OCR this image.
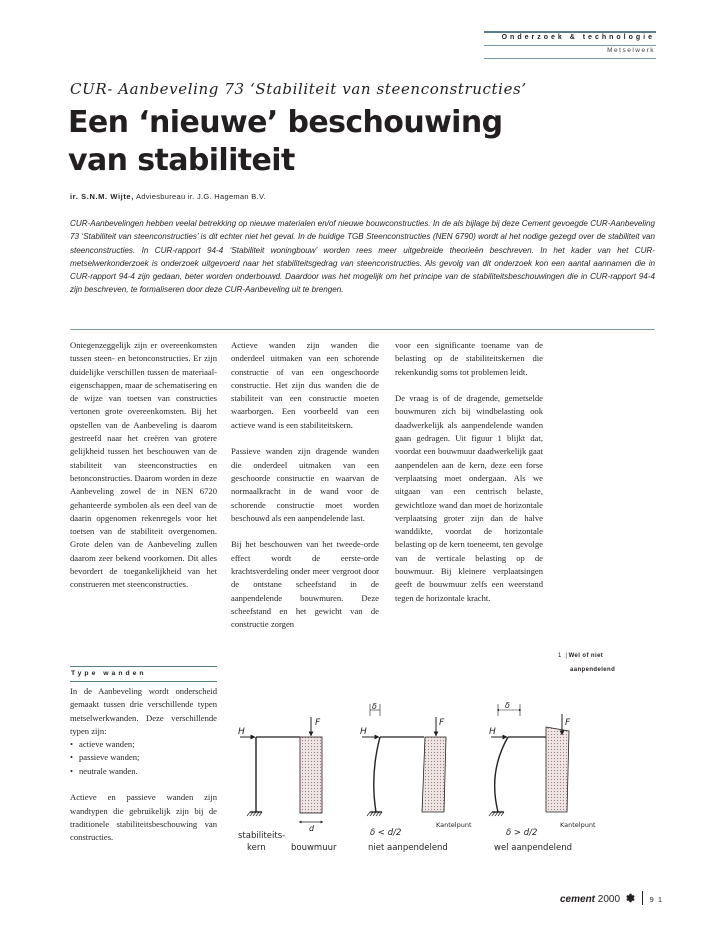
Onderzoek & technologie
Metselwerk
CUR- Aanbeveling 73 ‘Stabiliteit van steenconstructies’
Een ‘nieuwe’ beschouwing van stabiliteit
ir. S.N.M. Wijte, Adviesbureau ir. J.G. Hageman B.V.

CUR-Aanbevelingen hebben veelal betrekking op nieuwe materialen en/of nieuwe bouwconstructies. In de als bijlage bij deze Cement gevoegde CUR-Aanbeveling 73 ‘Stabiliteit van steenconstructies’ is dit echter niet het geval. In de huidige TGB Steenconstructies (NEN 6790) wordt al het nodige gezegd over de stabiliteit van steenconstructies. In CUR-rapport 94-4 ‘Stabiliteit woningbouw’ worden rees meer uitgebreide theorieën beschreven. In het kader van het CUR-metselwerkonderzoek is onderzoek uitgevoerd naar het stabiliteitsgedrag van steenconstructies. Als gevolg van dit onderzoek kon een aantal aannamen die in CUR-rapport 94-4 zijn gedaan, beter worden onderbouwd. Daardoor was het mogelijk om het principe van de stabiliteitsbeschouwingen die in CUR-rapport 94-4 zijn beschreven, te formaliseren door deze CUR-Aanbeveling uit te brengen.

Ontegenzeggelijk zijn er overeenkomsten tussen steen- en betonconstructies. Er zijn duidelijke verschillen tussen de materiaaleigenschappen, maar de schematisering en de wijze van toetsen van constructies vertonen grote overeenkomsten. Bij het opstellen van de Aanbeveling is daarom gestreefd naar het creëren van grotere gelijkheid tussen het beschouwen van de stabiliteit van steenconstructies en betonconstructies. Daarom worden in deze Aanbeveling zowel de in NEN 6720 gehanteerde symbolen als een deel van de daarin opgenomen rekenregels voor het toetsen van de stabiliteit overgenomen. Grote delen van de Aanbeveling zullen daarom zeer bekend voorkomen. Dit alles bevordert de toegankelijkheid van het construeren met steenconstructies.

Type wanden

In de Aanbeveling wordt onderscheid gemaakt tussen drie verschillende typen metselwerkwanden. Deze verschillende typen zijn:

• actieve wanden;
• passieve wanden;
• neutrale wanden.

Actieve en passieve wanden zijn wandtypen die gebruikelijk zijn bij de traditionele stabiliteitsbeschouwing van constructies.

Actieve wanden zijn wanden die onderdeel uitmaken van een schorende constructie of van een ongeschoorde constructie. Het zijn dus wanden die de stabiliteit van een constructie moeten waarborgen. Een voorbeeld van een actieve wand is een stabiliteitskern.

Passieve wanden zijn dragende wanden die onderdeel uitmaken van een geschoorde constructie en waarvan de normaalkracht in de wand voor de schorende constructie moet worden beschouwd als een aanpendelende last.

Bij het beschouwen van het tweede-orde effect wordt de eerste-orde krachtsverdeling onder meer vergroot door de ontstane scheefstand in de aanpendelende bouwmuren. Deze scheefstand en het gewicht van de constructie zorgen

voor een significante toename van de belasting op de stabiliteitskernen die rekenkundig soms tot problemen leidt.

De vraag is of de dragende, gemetselde bouwmuren zich bij windbelasting ook daadwerkelijk als aanpendelende wanden gaan gedragen. Uit figuur 1 blijkt dat, voordat een bouwmuur daadwerkelijk gaat aanpendelen aan de kern, deze een forse verplaatsing moet ondergaan. Als we uitgaan van een centrisch belaste, gewichtloze wand dan moet de horizontale verplaatsing groter zijn dan de halve wanddikte, voordat de horizontale belasting op de kern toeneemt, ten gevolge van de verticale belasting op de bouwmuur. Bij kleinere verplaatsingen geeft de bouwmuur zelfs een weerstand tegen de horizontale kracht.

1 | Wel of niet
aanpendelend
H
F
d
stabiliteits-
kern	bouwmuur
H
F
δ
Kantelpunt
δ < d/2
niet aanpendelend
H
F
δ
Kantelpunt
δ > d/2
wel aanpendelend
cement 2000 ✽ 9 1
